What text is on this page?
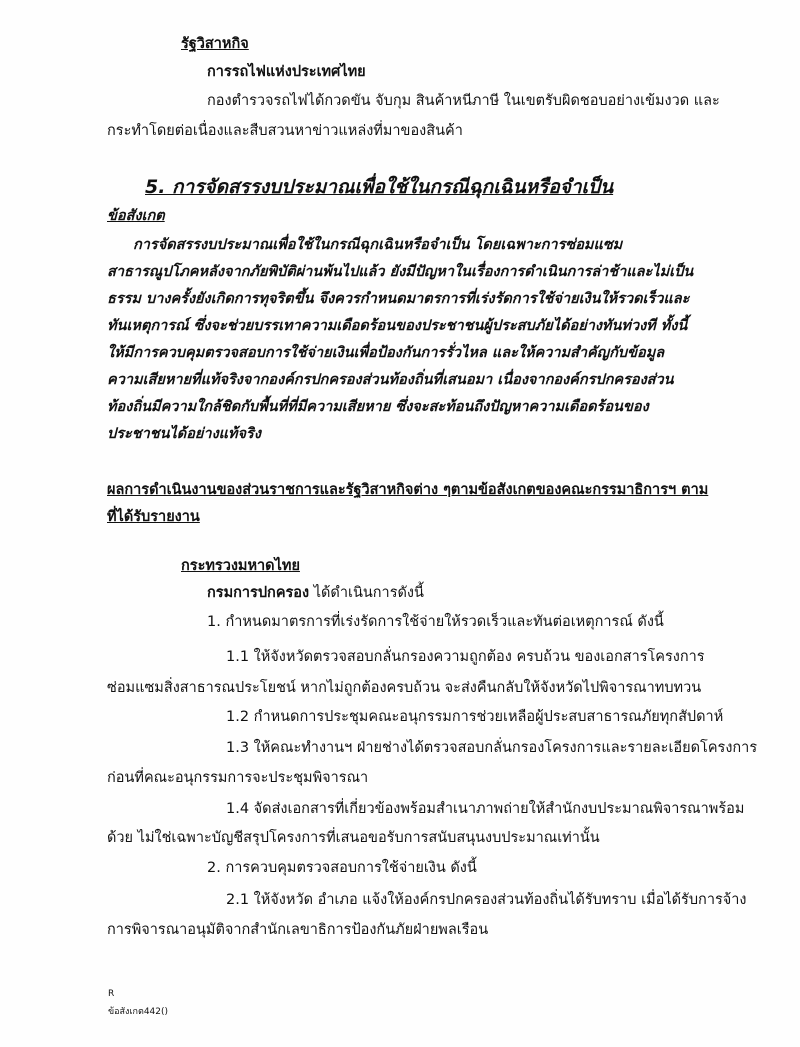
รัฐวิสาหกิจ
การรถไฟแห่งประเทศไทย
กองตำรวจรถไฟได้กวดขัน จับกุม สินค้าหนีภาษี ในเขตรับผิดชอบอย่างเข้มงวด และ
กระทำโดยต่อเนื่องและสืบสวนหาข่าวแหล่งที่มาของสินค้า
5. การจัดสรรงบประมาณเพื่อใช้ในกรณีฉุกเฉินหรือจำเป็น
ข้อสังเกต
การจัดสรรงบประมาณเพื่อใช้ในกรณีฉุกเฉินหรือจำเป็น โดยเฉพาะการซ่อมแซม
สาธารณูปโภคหลังจากภัยพิบัติผ่านพ้นไปแล้ว ยังมีปัญหาในเรื่องการดำเนินการล่าช้าและไม่เป็น
ธรรม บางครั้งยังเกิดการทุจริตขึ้น จึงควรกำหนดมาตรการที่เร่งรัดการใช้จ่ายเงินให้รวดเร็วและ
ทันเหตุการณ์ ซึ่งจะช่วยบรรเทาความเดือดร้อนของประชาชนผู้ประสบภัยได้อย่างทันท่วงที ทั้งนี้
ให้มีการควบคุมตรวจสอบการใช้จ่ายเงินเพื่อป้องกันการรั่วไหล และให้ความสำคัญกับข้อมูล
ความเสียหายที่แท้จริงจากองค์กรปกครองส่วนท้องถิ่นที่เสนอมา เนื่องจากองค์กรปกครองส่วน
ท้องถิ่นมีความใกล้ชิดกับพื้นที่ที่มีความเสียหาย ซึ่งจะสะท้อนถึงปัญหาความเดือดร้อนของ
ประชาชนได้อย่างแท้จริง
ผลการดำเนินงานของส่วนราชการและรัฐวิสาหกิจต่าง ๆตามข้อสังเกตของคณะกรรมาธิการฯ ตาม
ที่ได้รับรายงาน
กระทรวงมหาดไทย
กรมการปกครอง ได้ดำเนินการดังนี้
1. กำหนดมาตรการที่เร่งรัดการใช้จ่ายให้รวดเร็วและทันต่อเหตุการณ์ ดังนี้
1.1 ให้จังหวัดตรวจสอบกลั่นกรองความถูกต้อง ครบถ้วน ของเอกสารโครงการ
ซ่อมแซมสิ่งสาธารณประโยชน์ หากไม่ถูกต้องครบถ้วน จะส่งคืนกลับให้จังหวัดไปพิจารณาทบทวน
1.2 กำหนดการประชุมคณะอนุกรรมการช่วยเหลือผู้ประสบสาธารณภัยทุกสัปดาห์
1.3 ให้คณะทำงานฯ ฝ่ายช่างได้ตรวจสอบกลั่นกรองโครงการและรายละเอียดโครงการ
ก่อนที่คณะอนุกรรมการจะประชุมพิจารณา
1.4 จัดส่งเอกสารที่เกี่ยวข้องพร้อมสำเนาภาพถ่ายให้สำนักงบประมาณพิจารณาพร้อม
ด้วย ไม่ใช่เฉพาะบัญชีสรุปโครงการที่เสนอขอรับการสนับสนุนงบประมาณเท่านั้น
2. การควบคุมตรวจสอบการใช้จ่ายเงิน ดังนี้
2.1 ให้จังหวัด อำเภอ แจ้งให้องค์กรปกครองส่วนท้องถิ่นได้รับทราบ เมื่อได้รับการจ้าง
การพิจารณาอนุมัติจากสำนักเลขาธิการป้องกันภัยฝ่ายพลเรือน
R
ข้อสังเกต442()
